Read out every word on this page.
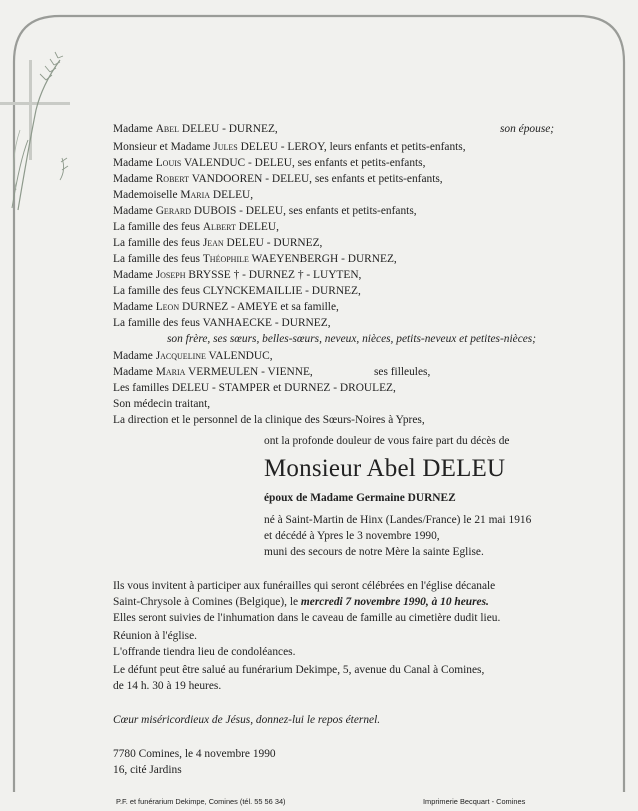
Madame Abel DELEU - DURNEZ,	son épouse;
Monsieur et Madame Jules DELEU - LEROY, leurs enfants et petits-enfants,
Madame Louis VALENDUC - DELEU, ses enfants et petits-enfants,
Madame Robert VANDOOREN - DELEU, ses enfants et petits-enfants,
Mademoiselle Maria DELEU,
Madame Gerard DUBOIS - DELEU, ses enfants et petits-enfants,
La famille des feus Albert DELEU,
La famille des feus Jean DELEU - DURNEZ,
La famille des feus Théophile WAEYENBERGH - DURNEZ,
Madame Joseph BRYSSE † - DURNEZ † - LUYTEN,
La famille des feus CLYNCKEMAILLIE - DURNEZ,
Madame Leon DURNEZ - AMEYE et sa famille,
La famille des feus VANHAECKE - DURNEZ,
son frère, ses sœurs, belles-sœurs, neveux, nièces, petits-neveux et petites-nièces;
Madame Jacqueline VALENDUC,
Madame Maria VERMEULEN - VIENNE,	ses filleules,
Les familles DELEU - STAMPER et DURNEZ - DROULEZ,
Son médecin traitant,
La direction et le personnel de la clinique des Sœurs-Noires à Ypres,
ont la profonde douleur de vous faire part du décès de
Monsieur Abel DELEU
époux de Madame Germaine DURNEZ
né à Saint-Martin de Hinx (Landes/France) le 21 mai 1916
et décédé à Ypres le 3 novembre 1990,
muni des secours de notre Mère la sainte Eglise.
Ils vous invitent à participer aux funérailles qui seront célébrées en l'église décanale
Saint-Chrysole à Comines (Belgique), le mercredi 7 novembre 1990, à 10 heures.
Elles seront suivies de l'inhumation dans le caveau de famille au cimetière dudit lieu.
Réunion à l'église.
L'offrande tiendra lieu de condoléances.
Le défunt peut être salué au funérarium Dekimpe, 5, avenue du Canal à Comines,
de 14 h. 30 à 19 heures.
Cœur miséricordieux de Jésus, donnez-lui le repos éternel.
7780 Comines, le 4 novembre 1990
16, cité Jardins
P.F. et funérarium Dekimpe, Comines (tél. 55 56 34)	Imprimerie Becquart - Comines
